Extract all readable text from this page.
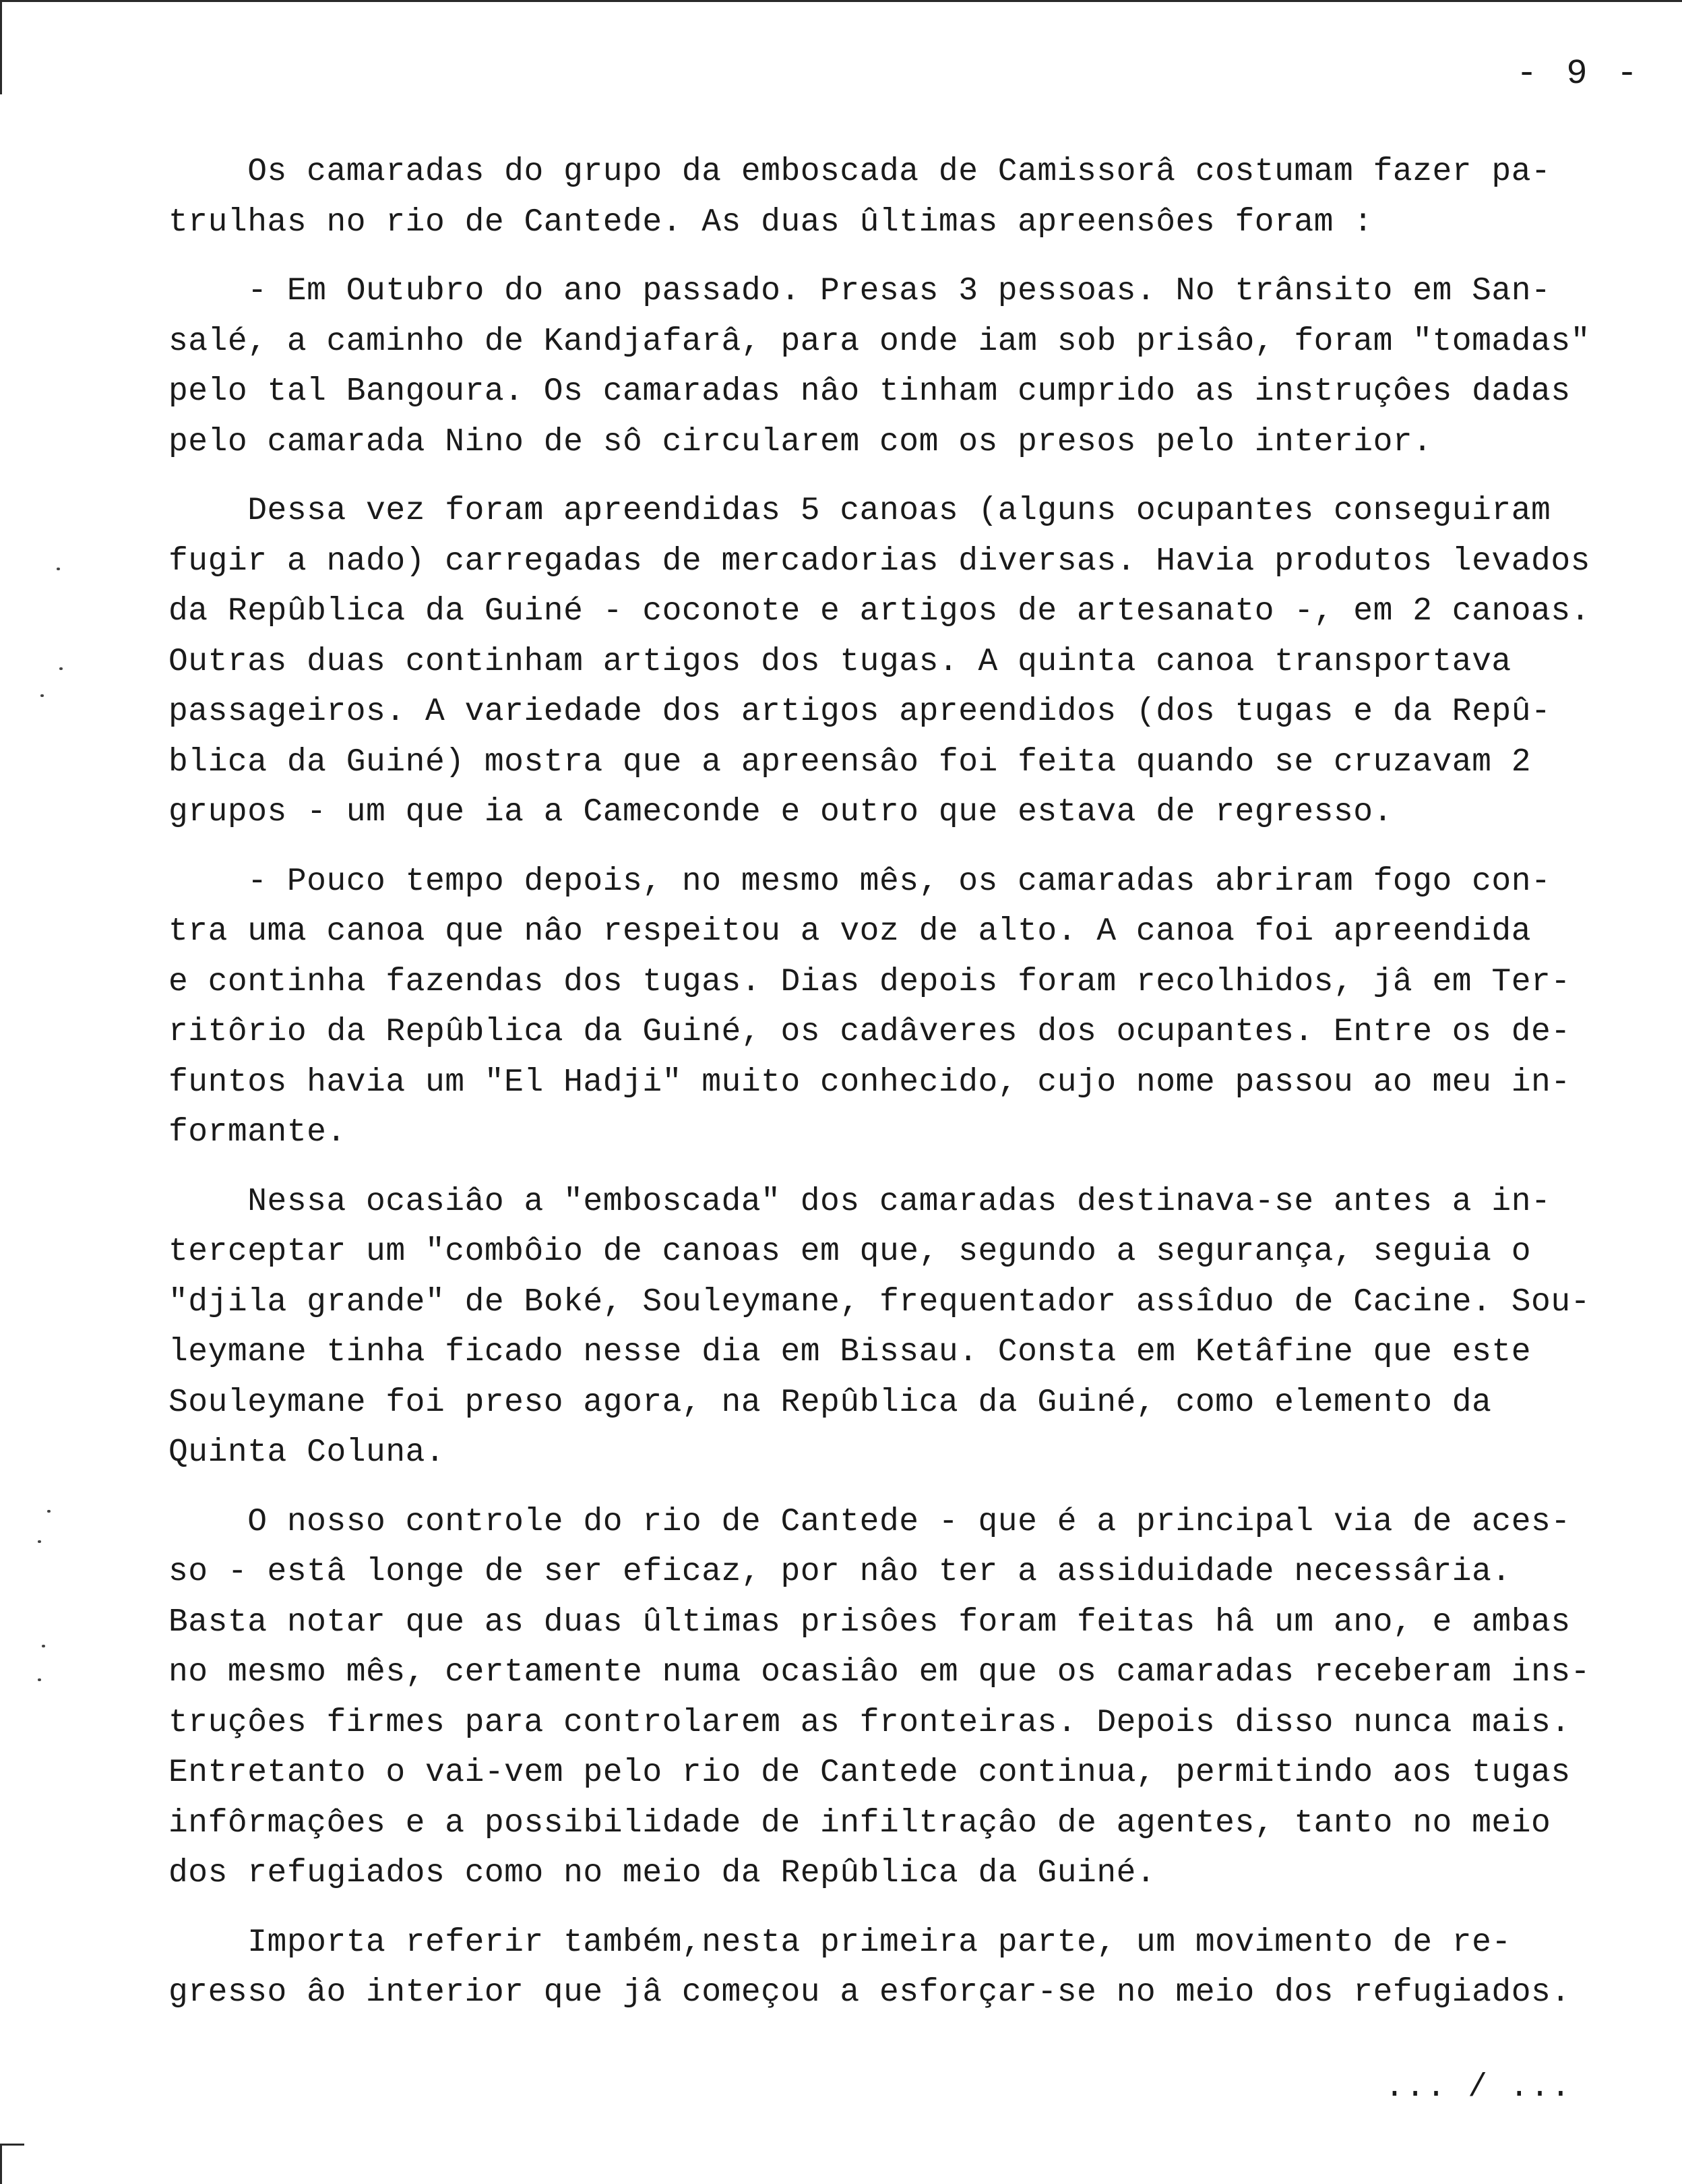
- 9 -
Os camaradas do grupo da emboscada de Camissorâ costumam fazer pa-
trulhas no rio de Cantede. As duas ûltimas apreensôes foram :
- Em Outubro do ano passado. Presas 3 pessoas. No trânsito em San-
salé, a caminho de Kandjafarâ, para onde iam sob prisâo, foram "tomadas"
pelo tal Bangoura. Os camaradas nâo tinham cumprido as instruçôes dadas
pelo camarada Nino de sô circularem com os presos pelo interior.
Dessa vez foram apreendidas 5 canoas (alguns ocupantes conseguiram
fugir a nado) carregadas de mercadorias diversas. Havia produtos levados
da Repûblica da Guiné - coconote e artigos de artesanato -, em 2 canoas.
Outras duas continham artigos dos tugas. A quinta canoa transportava
passageiros. A variedade dos artigos apreendidos (dos tugas e da Repû-
blica da Guiné) mostra que a apreensâo foi feita quando se cruzavam 2
grupos - um que ia a Cameconde e outro que estava de regresso.
- Pouco tempo depois, no mesmo mês, os camaradas abriram fogo con-
tra uma canoa que nâo respeitou a voz de alto. A canoa foi apreendida
e continha fazendas dos tugas. Dias depois foram recolhidos, jâ em Ter-
ritôrio da Repûblica da Guiné, os cadâveres dos ocupantes. Entre os de-
funtos havia um "El Hadji" muito conhecido, cujo nome passou ao meu in-
formante.
Nessa ocasiâo a "emboscada" dos camaradas destinava-se antes a in-
terceptar um "combôio de canoas em que, segundo a segurança, seguia o
"djila grande" de Boké, Souleymane, frequentador assîduo de Cacine. Sou-
leymane tinha ficado nesse dia em Bissau. Consta em Ketâfine que este
Souleymane foi preso agora, na Repûblica da Guiné, como elemento da
Quinta Coluna.
O nosso controle do rio de Cantede - que é a principal via de aces-
so - estâ longe de ser eficaz, por nâo ter a assiduidade necessâria.
Basta notar que as duas ûltimas prisôes foram feitas hâ um ano, e ambas
no mesmo mês, certamente numa ocasiâo em que os camaradas receberam ins-
truçôes firmes para controlarem as fronteiras. Depois disso nunca mais.
Entretanto o vai-vem pelo rio de Cantede continua, permitindo aos tugas
infôrmaçôes e a possibilidade de infiltraçâo de agentes, tanto no meio
dos refugiados como no meio da Repûblica da Guiné.
Importa referir também,nesta primeira parte, um movimento de re-
gresso âo interior que jâ começou a esforçar-se no meio dos refugiados.
... / ...
